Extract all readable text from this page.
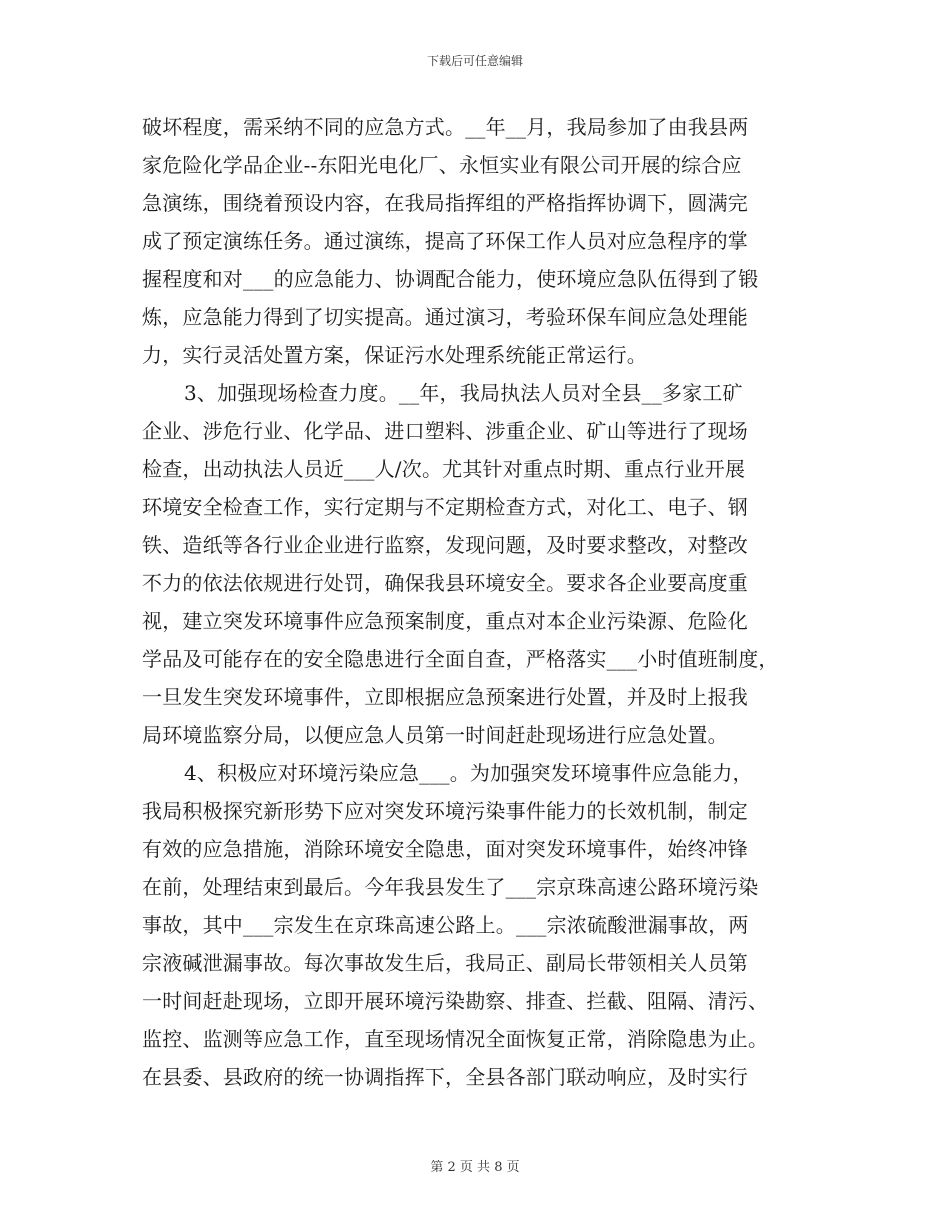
下载后可任意编辑
破坏程度，需采纳不同的应急方式。__年__月，我局参加了由我县两
家危险化学品企业--东阳光电化厂、永恒实业有限公司开展的综合应
急演练，围绕着预设内容，在我局指挥组的严格指挥协调下，圆满完
成了预定演练任务。通过演练，提高了环保工作人员对应急程序的掌
握程度和对___的应急能力、协调配合能力，使环境应急队伍得到了锻
炼，应急能力得到了切实提高。通过演习，考验环保车间应急处理能
力，实行灵活处置方案，保证污水处理系统能正常运行。
3、加强现场检查力度。__年，我局执法人员对全县__多家工矿
企业、涉危行业、化学品、进口塑料、涉重企业、矿山等进行了现场
检查，出动执法人员近___人/次。尤其针对重点时期、重点行业开展
环境安全检查工作，实行定期与不定期检查方式，对化工、电子、钢
铁、造纸等各行业企业进行监察，发现问题，及时要求整改，对整改
不力的依法依规进行处罚，确保我县环境安全。要求各企业要高度重
视，建立突发环境事件应急预案制度，重点对本企业污染源、危险化
学品及可能存在的安全隐患进行全面自查，严格落实___小时值班制度，
一旦发生突发环境事件，立即根据应急预案进行处置，并及时上报我
局环境监察分局，以便应急人员第一时间赶赴现场进行应急处置。
4、积极应对环境污染应急___。为加强突发环境事件应急能力，
我局积极探究新形势下应对突发环境污染事件能力的长效机制，制定
有效的应急措施，消除环境安全隐患，面对突发环境事件，始终冲锋
在前，处理结束到最后。今年我县发生了___宗京珠高速公路环境污染
事故，其中___宗发生在京珠高速公路上。___宗浓硫酸泄漏事故，两
宗液碱泄漏事故。每次事故发生后，我局正、副局长带领相关人员第
一时间赶赴现场，立即开展环境污染勘察、排查、拦截、阻隔、清污、
监控、监测等应急工作，直至现场情况全面恢复正常，消除隐患为止。
在县委、县政府的统一协调指挥下，全县各部门联动响应，及时实行
第 2 页 共 8 页
